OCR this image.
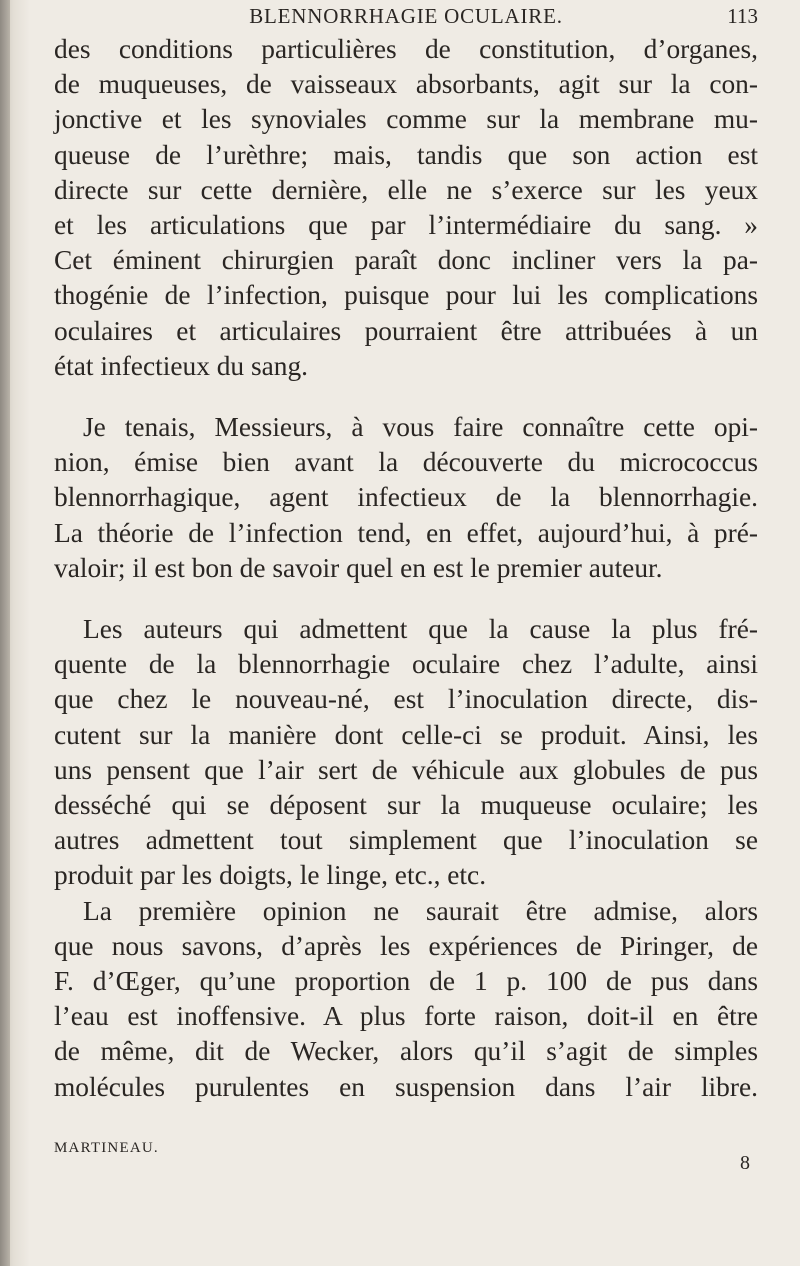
BLENNORRHAGIE OCULAIRE.	113

des conditions particulières de constitution, d’organes,

de muqueuses, de vaisseaux absorbants, agit sur la con-

jonctive et les synoviales comme sur la membrane mu-

queuse de l’urèthre; mais, tandis que son action est

directe sur cette dernière, elle ne s’exerce sur les yeux

et les articulations que par l’intermédiaire du sang. »

Cet éminent chirurgien paraît donc incliner vers la pa-

thogénie de l’infection, puisque pour lui les complications

oculaires et articulaires pourraient être attribuées à un

état infectieux du sang.

Je tenais, Messieurs, à vous faire connaître cette opi-

nion, émise bien avant la découverte du micrococcus

blennorrhagique, agent infectieux de la blennorrhagie.

La théorie de l’infection tend, en effet, aujourd’hui, à pré-

valoir; il est bon de savoir quel en est le premier auteur.

Les auteurs qui admettent que la cause la plus fré-

quente de la blennorrhagie oculaire chez l’adulte, ainsi

que chez le nouveau-né, est l’inoculation directe, dis-

cutent sur la manière dont celle-ci se produit. Ainsi, les

uns pensent que l’air sert de véhicule aux globules de pus

desséché qui se déposent sur la muqueuse oculaire; les

autres admettent tout simplement que l’inoculation se

produit par les doigts, le linge, etc., etc.

La première opinion ne saurait être admise, alors

que nous savons, d’après les expériences de Piringer, de

F. d’Œger, qu’une proportion de 1 p. 100 de pus dans

l’eau est inoffensive. A plus forte raison, doit-il en être

de même, dit de Wecker, alors qu’il s’agit de simples

molécules purulentes en suspension dans l’air libre.

MARTINEAU.
8
